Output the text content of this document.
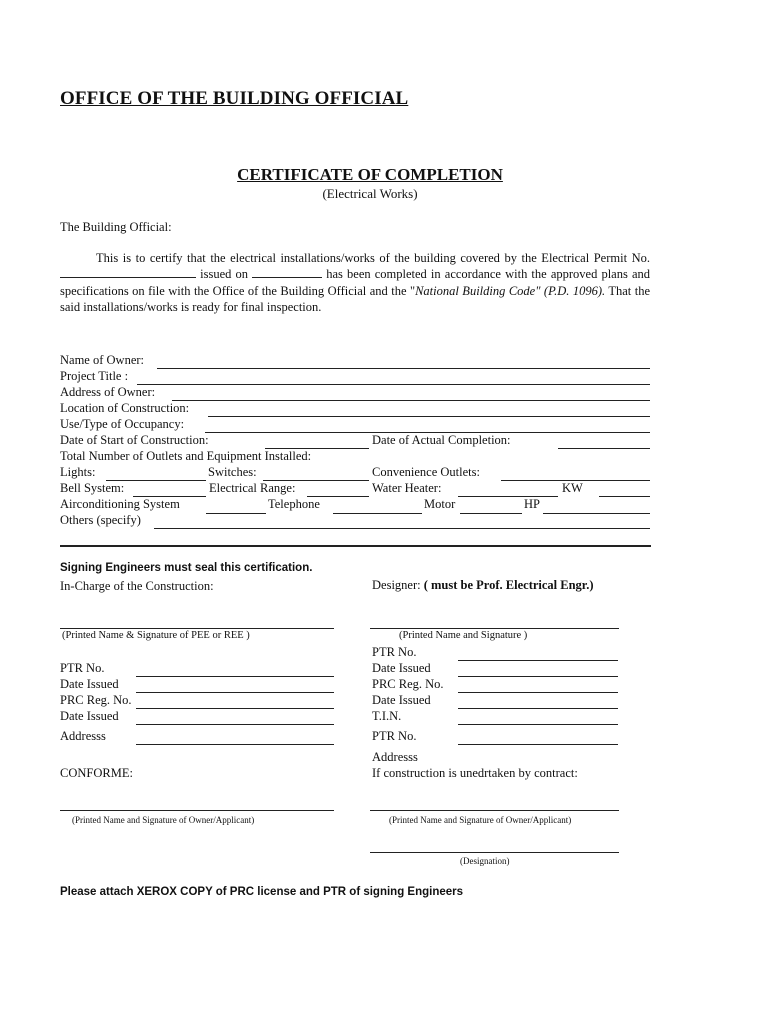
OFFICE OF THE BUILDING OFFICIAL
CERTIFICATE OF COMPLETION
(Electrical Works)
The Building Official:
This is to certify that the electrical installations/works of the building covered by the Electrical Permit No.  issued on	has been completed in accordance with the approved plans and specifications on file with the Office of the Building Official and the "National Building Code" (P.D. 1096). That the said installations/works is ready for final inspection.
Name of Owner:
Project Title :
Address of Owner:
Location of Construction:
Use/Type of Occupancy:
Date of Start of Construction:	Date of Actual Completion:
Total Number of Outlets and Equipment Installed:
Lights:	Switches:	Convenience Outlets:
Bell System:	Electrical Range:	Water Heater:	KW
Airconditioning System	Telephone	Motor	HP
Others (specify)
Signing Engineers must seal this certification.
In-Charge of the Construction:	Designer: ( must be Prof. Electrical Engr.)
(Printed Name & Signature of PEE or REE )	(Printed Name and Signature )
PTR No.
Date Issued
PRC Reg. No.
Date Issued
Addresss
PTR No.
Date Issued
PRC Reg. No.
Date Issued
T.I.N.
PTR No.
Addresss
CONFORME:	If construction is unedrtaken by contract:
(Printed Name and Signature of Owner/Applicant)	(Printed Name and Signature of Owner/Applicant)
(Designation)
Please attach XEROX COPY of PRC license and PTR of signing Engineers
